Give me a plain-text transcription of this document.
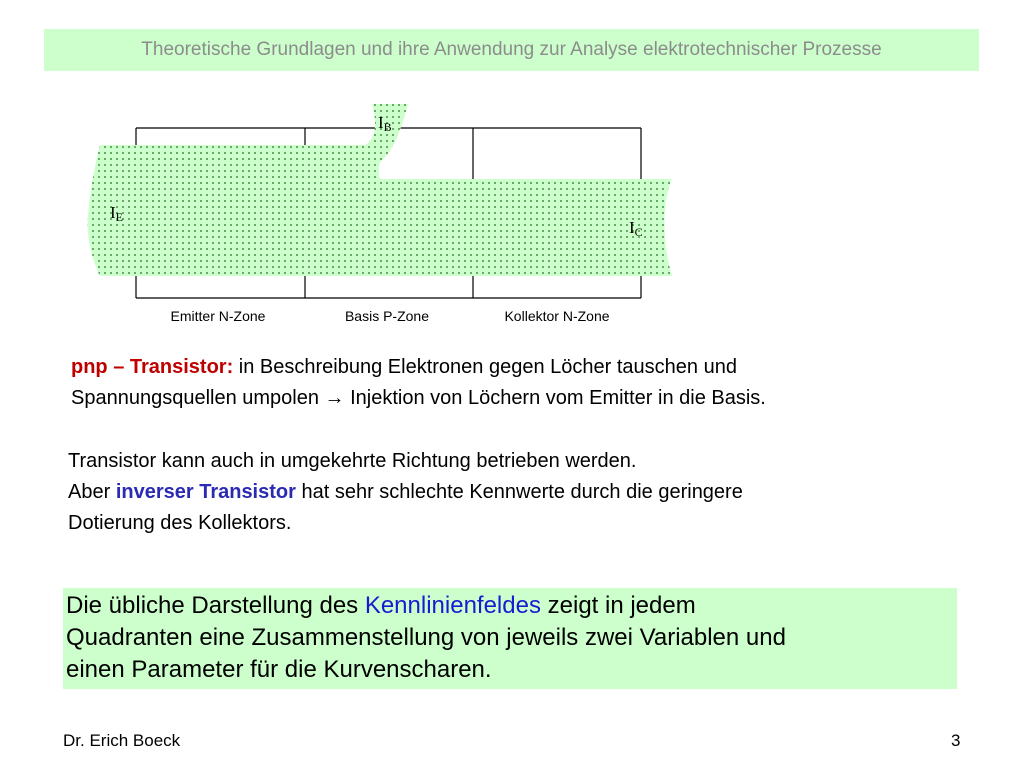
Theoretische Grundlagen und ihre Anwendung zur Analyse elektrotechnischer Prozesse
IB
IE
IC
Emitter N-Zone	Basis P-Zone	Kollektor N-Zone
pnp – Transistor: in Beschreibung Elektronen gegen Löcher tauschen und
Spannungsquellen umpolen → Injektion von Löchern vom Emitter in die Basis.
Transistor kann auch in umgekehrte Richtung betrieben werden.
Aber inverser Transistor hat sehr schlechte Kennwerte durch die geringere
Dotierung des Kollektors.
Die übliche Darstellung des Kennlinienfeldes zeigt in jedem
Quadranten eine Zusammenstellung von jeweils zwei Variablen und
einen Parameter für die Kurvenscharen.
Dr. Erich Boeck	3
